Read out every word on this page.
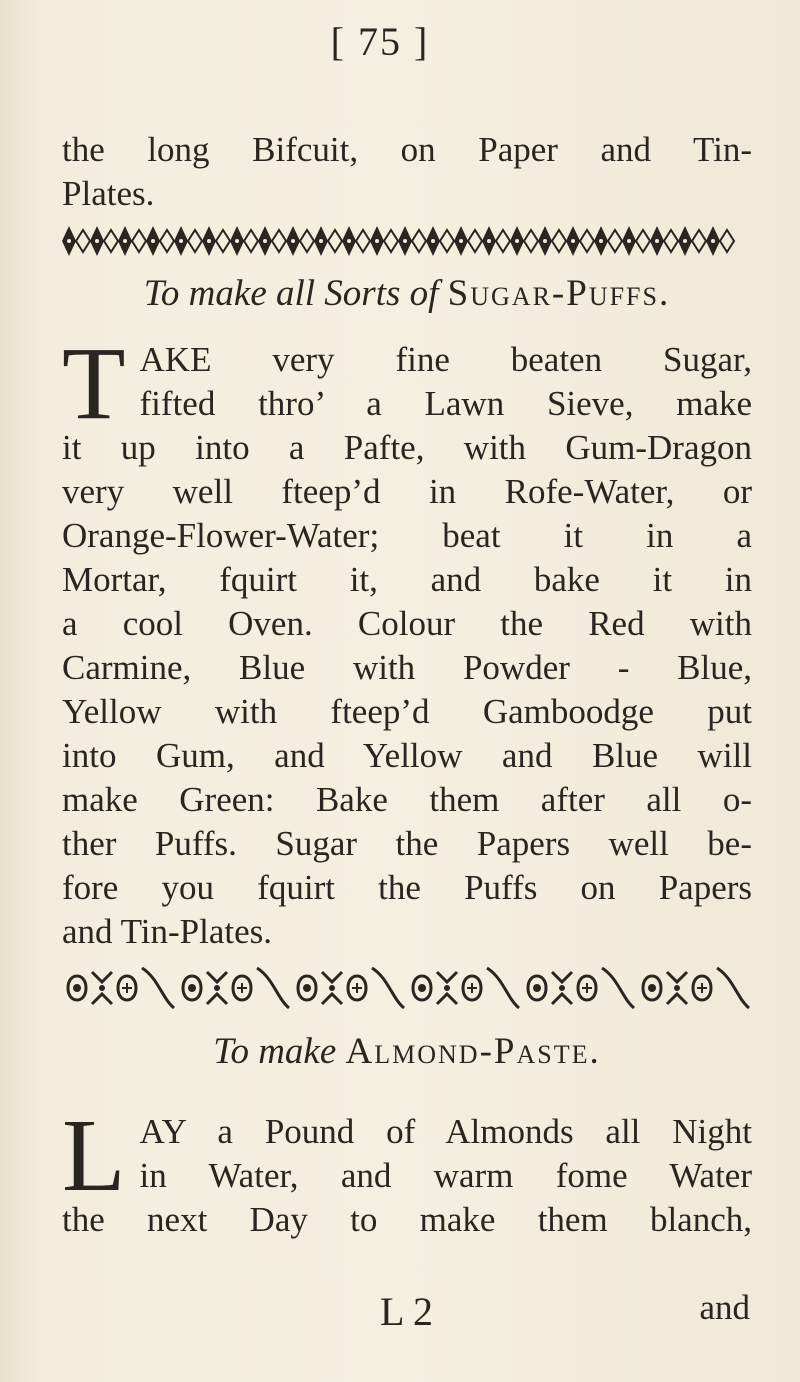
[ 75 ]
the long Bifcuit, on Paper and Tin-
Plates.
To make all Sorts of Sugar-Puffs.
T AKE very fine beaten Sugar,
fifted thro’ a Lawn Sieve, make
it up into a Pafte, with Gum-Dragon
very well fteep’d in Rofe-Water, or
Orange-Flower-Water; beat it in a
Mortar, fquirt it, and bake it in
a cool Oven. Colour the Red with
Carmine, Blue with Powder - Blue,
Yellow with fteep’d Gamboodge put
into Gum, and Yellow and Blue will
make Green: Bake them after all o-
ther Puffs. Sugar the Papers well be-
fore you fquirt the Puffs on Papers
and Tin-Plates.
To make Almond-Paste.
L AY a Pound of Almonds all Night
in Water, and warm fome Water
the next Day to make them blanch,
L 2	and
